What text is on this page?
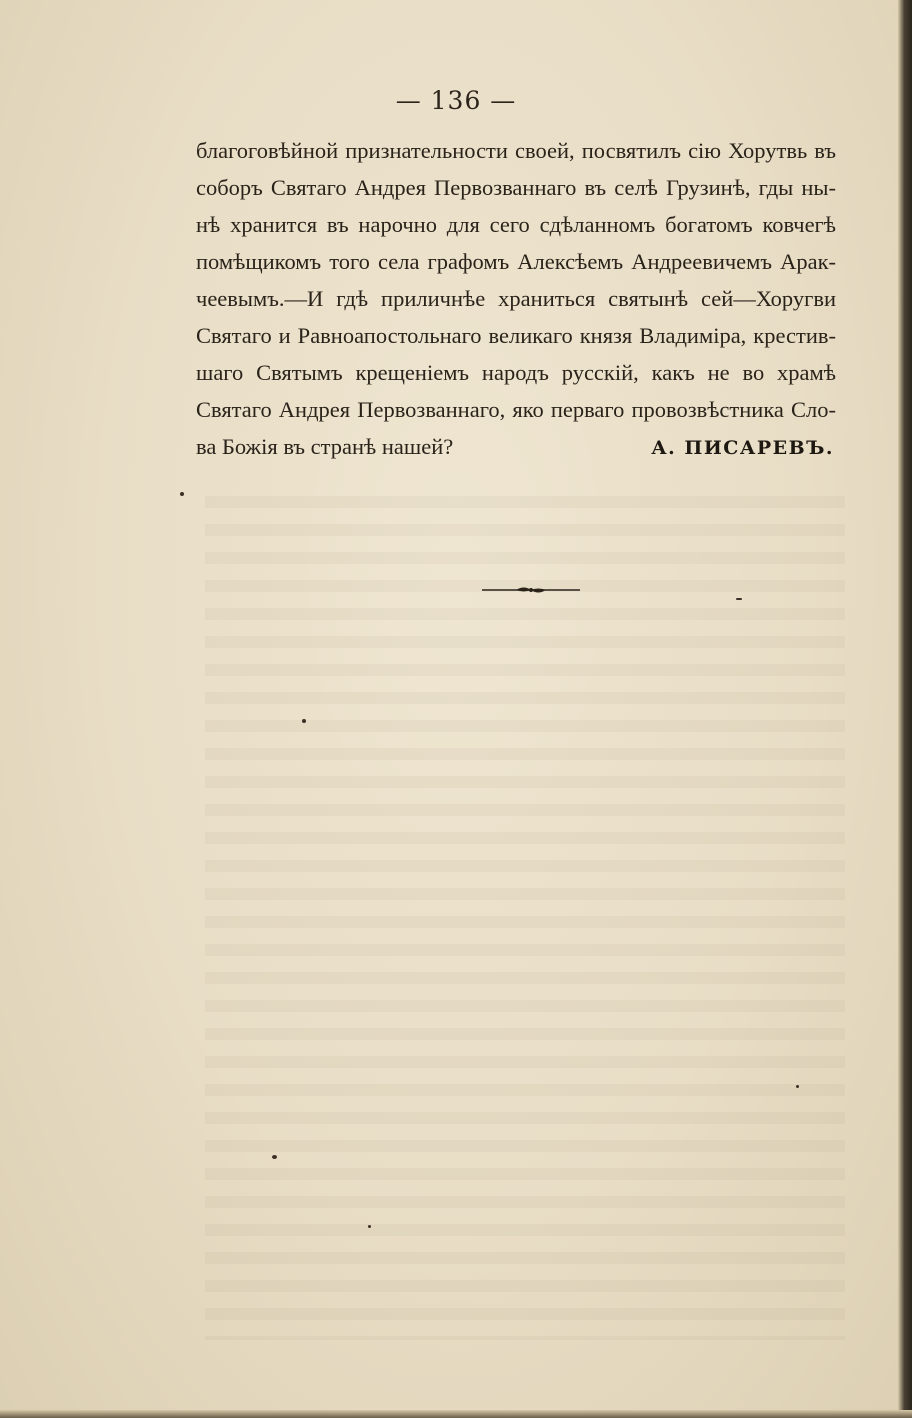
— 136 —
благоговѣйной признательности своей, посвятилъ сію Хорутвь въ
соборъ Святаго Андрея Первозваннаго въ селѣ Грузинѣ, гды ны-
нѣ хранится въ нарочно для сего сдѣланномъ богатомъ ковчегѣ
помѣщикомъ того села графомъ Алексѣемъ Андреевичемъ Арак-
чеевымъ.—И гдѣ приличнѣе храниться святынѣ сей—Хоругви
Святаго и Равноапостольнаго великаго князя Владиміра, крестив-
шаго Святымъ крещеніемъ народъ русскій, какъ не во храмѣ
Святаго Андрея Первозваннаго, яко перваго провозвѣстника Сло-
ва Божія въ странѣ нашей?	А. ПИСАРЕВЪ.
